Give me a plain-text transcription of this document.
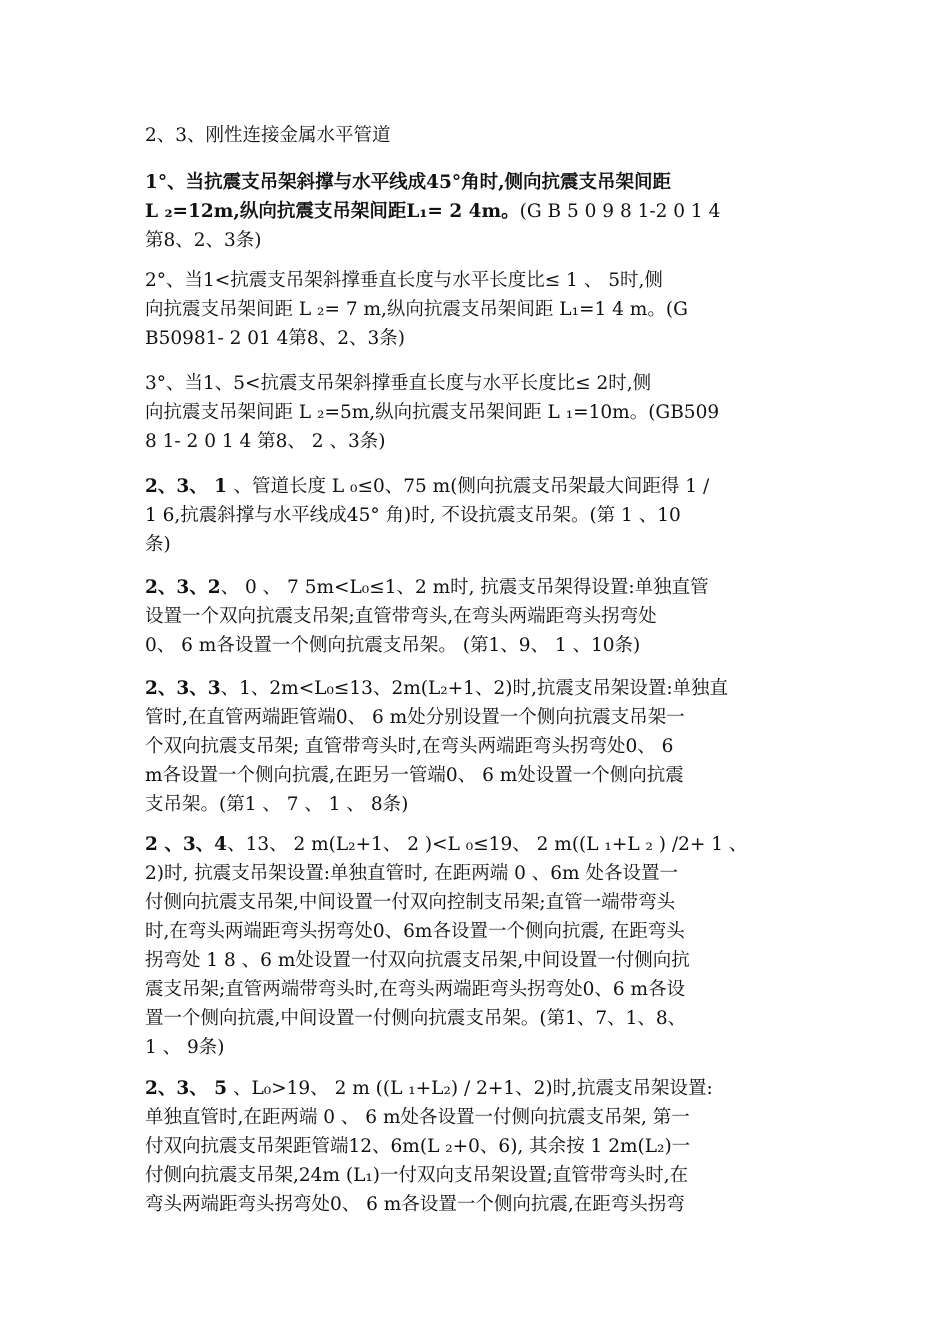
2、3、刚性连接金属水平管道

1°、当抗震支吊架斜撑与水平线成45°角时,侧向抗震支吊架间距
L ₂=12m,纵向抗震支吊架间距L₁= 2 4m。(G B 5 0 9 8 1-2 0 1 4
第8、2、3条)

2°、当1<抗震支吊架斜撑垂直长度与水平长度比≤ 1 、 5时,侧
向抗震支吊架间距 L ₂= 7 m,纵向抗震支吊架间距 L₁=1 4 m。(G
B50981- 2 01 4第8、2、3条)

3°、当1、5<抗震支吊架斜撑垂直长度与水平长度比≤ 2时,侧
向抗震支吊架间距 L ₂=5m,纵向抗震支吊架间距 L ₁=10m。(GB509
8 1- 2 0 1 4 第8、 2 、3条)

2、3、 1 、管道长度 L ₀≤0、75 m(侧向抗震支吊架最大间距得 1 /
1 6,抗震斜撑与水平线成45° 角)时, 不设抗震支吊架。(第 1 、10
条)

2、3、2、 0 、 7 5m<L₀≤1、2 m时, 抗震支吊架得设置:单独直管
设置一个双向抗震支吊架;直管带弯头,在弯头两端距弯头拐弯处
0、 6 m各设置一个侧向抗震支吊架。 (第1、9、 1 、10条)

2、3、3、1、2m<L₀≤13、2m(L₂+1、2)时,抗震支吊架设置:单独直
管时,在直管两端距管端0、 6 m处分别设置一个侧向抗震支吊架一
个双向抗震支吊架; 直管带弯头时,在弯头两端距弯头拐弯处0、 6
m各设置一个侧向抗震,在距另一管端0、 6 m处设置一个侧向抗震
支吊架。(第1 、 7 、 1 、 8条)

2 、3、4、13、 2 m(L₂+1、 2 )<L ₀≤19、 2 m((L ₁+L ₂ ) /2+ 1 、
2)时, 抗震支吊架设置:单独直管时, 在距两端 0 、6m 处各设置一
付侧向抗震支吊架,中间设置一付双向控制支吊架;直管一端带弯头
时,在弯头两端距弯头拐弯处0、6m各设置一个侧向抗震, 在距弯头
拐弯处 1 8 、6 m处设置一付双向抗震支吊架,中间设置一付侧向抗
震支吊架;直管两端带弯头时,在弯头两端距弯头拐弯处0、6 m各设
置一个侧向抗震,中间设置一付侧向抗震支吊架。(第1、7、1、8、
1 、 9条)

2、3、 5 、L₀>19、 2 m ((L ₁+L₂) / 2+1、2)时,抗震支吊架设置:
单独直管时,在距两端 0 、 6 m处各设置一付侧向抗震支吊架, 第一
付双向抗震支吊架距管端12、6m(L ₂+0、6), 其余按 1 2m(L₂)一
付侧向抗震支吊架,24m (L₁)一付双向支吊架设置;直管带弯头时,在
弯头两端距弯头拐弯处0、 6 m各设置一个侧向抗震,在距弯头拐弯
